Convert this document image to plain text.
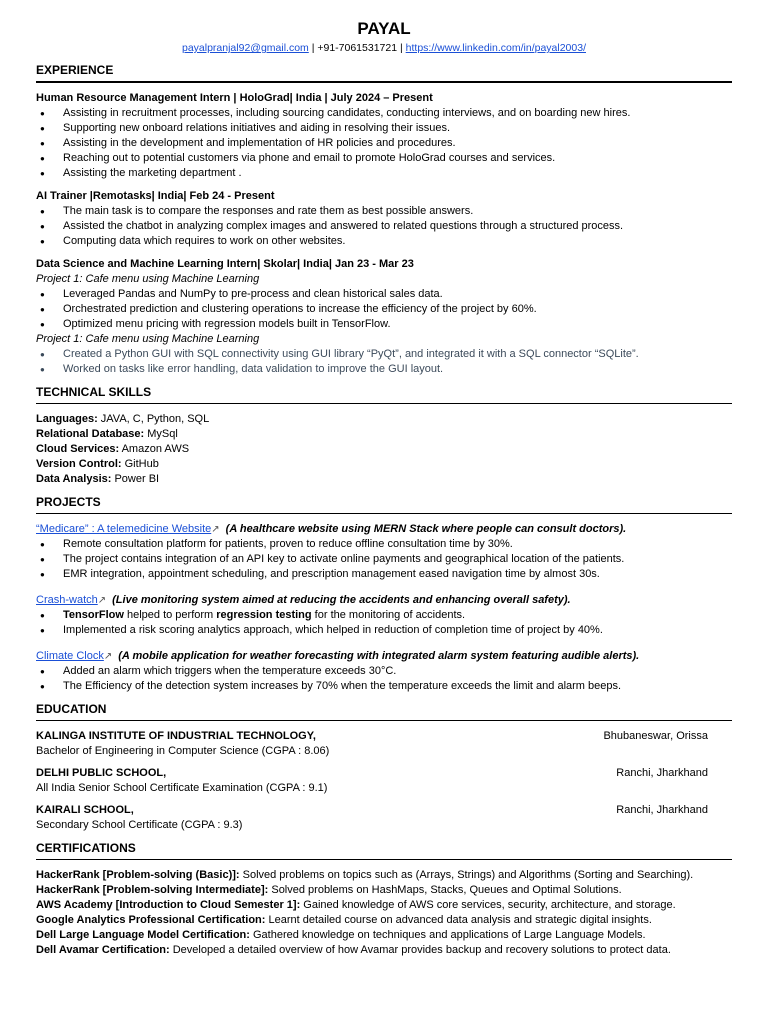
PAYAL
payalpranjal92@gmail.com | +91-7061531721 | https://www.linkedin.com/in/payal2003/
EXPERIENCE
Human Resource Management Intern | HoloGrad| India | July 2024 – Present
● Assisting in recruitment processes, including sourcing candidates, conducting interviews, and on boarding new hires.
● Supporting new onboard relations initiatives and aiding in resolving their issues.
● Assisting in the development and implementation of HR policies and procedures.
● Reaching out to potential customers via phone and email to promote HoloGrad courses and services.
● Assisting the marketing department .
AI Trainer |Remotasks| India| Feb 24 - Present
● The main task is to compare the responses and rate them as best possible answers.
● Assisted the chatbot in analyzing complex images and answered to related questions through a structured process.
● Computing data which requires to work on other websites.
Data Science and Machine Learning Intern| Skolar| India| Jan 23 - Mar 23
Project 1: Cafe menu using Machine Learning
● Leveraged Pandas and NumPy to pre-process and clean historical sales data.
● Orchestrated prediction and clustering operations to increase the efficiency of the project by 60%.
● Optimized menu pricing with regression models built in TensorFlow.
Project 1: Cafe menu using Machine Learning
● Created a Python GUI with SQL connectivity using GUI library “PyQt”, and integrated it with a SQL connector “SQLite”.
● Worked on tasks like error handling, data validation to improve the GUI layout.
TECHNICAL SKILLS
Languages: JAVA, C, Python, SQL
Relational Database: MySql
Cloud Services: Amazon AWS
Version Control: GitHub
Data Analysis: Power BI
PROJECTS
“Medicare” : A telemedicine Website↗ (A healthcare website using MERN Stack where people can consult doctors).
● Remote consultation platform for patients, proven to reduce offline consultation time by 30%.
● The project contains integration of an API key to activate online payments and geographical location of the patients.
● EMR integration, appointment scheduling, and prescription management eased navigation time by almost 30s.
Crash-watch↗ (Live monitoring system aimed at reducing the accidents and enhancing overall safety).
● TensorFlow helped to perform regression testing for the monitoring of accidents.
● Implemented a risk scoring analytics approach, which helped in reduction of completion time of project by 40%.
Climate Clock↗ (A mobile application for weather forecasting with integrated alarm system featuring audible alerts).
● Added an alarm which triggers when the temperature exceeds 30°C.
● The Efficiency of the detection system increases by 70% when the temperature exceeds the limit and alarm beeps.
EDUCATION
KALINGA INSTITUTE OF INDUSTRIAL TECHNOLOGY,	Bhubaneswar, Orissa
Bachelor of Engineering in Computer Science (CGPA : 8.06)
DELHI PUBLIC SCHOOL,	Ranchi, Jharkhand
All India Senior School Certificate Examination (CGPA : 9.1)
KAIRALI SCHOOL,	Ranchi, Jharkhand
Secondary School Certificate (CGPA : 9.3)
CERTIFICATIONS
HackerRank [Problem-solving (Basic)]: Solved problems on topics such as (Arrays, Strings) and Algorithms (Sorting and Searching).
HackerRank [Problem-solving Intermediate]: Solved problems on HashMaps, Stacks, Queues and Optimal Solutions.
AWS Academy [Introduction to Cloud Semester 1]: Gained knowledge of AWS core services, security, architecture, and storage.
Google Analytics Professional Certification: Learnt detailed course on advanced data analysis and strategic digital insights.
Dell Large Language Model Certification: Gathered knowledge on techniques and applications of Large Language Models.
Dell Avamar Certification: Developed a detailed overview of how Avamar provides backup and recovery solutions to protect data.
